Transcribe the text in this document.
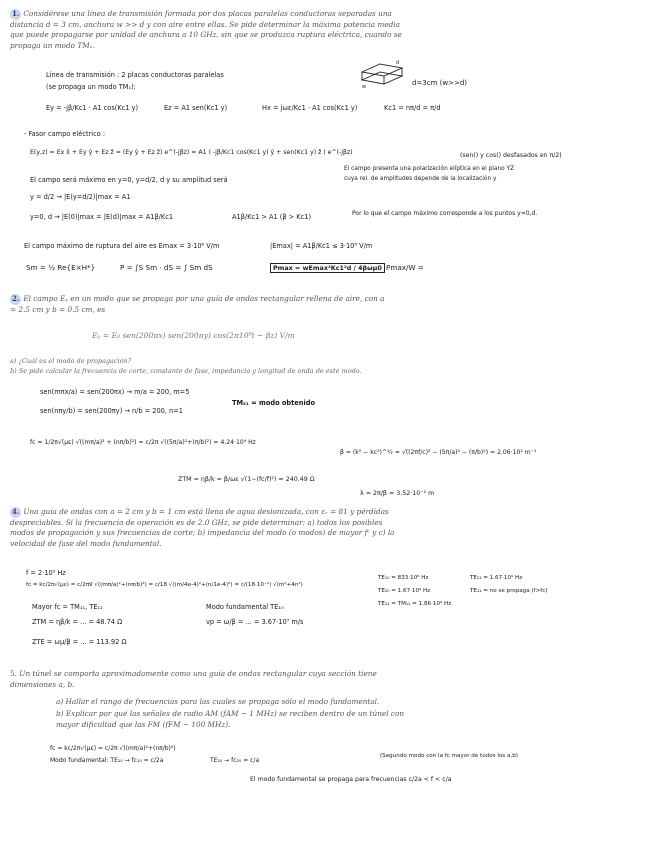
1. Considérese una línea de transmisión formada por dos placas paralelas conductoras separadas una distancia d = 3 cm, anchura w >> d y con aire entre ellas. Se pide determinar la máxima potencia media que puede propagarse por unidad de anchura a 10 GHz, sin que se produzca ruptura eléctrica, cuando se propaga un modo TM₁.
d
w	d=3cm (w>>d)
Línea de transmisión : 2 placas conductoras paralelas
(se propaga un modo TM₁):
Ey = -jβ/Kc1 · A1 cos(Kc1 y)	Ez = A1 sen(Kc1 y)	Hx = jωε/Kc1 · A1 cos(Kc1 y)	Kc1 = nπ/d = π/d
- Fasor campo eléctrico :
E(y,z) = Ex x̂ + Ey ŷ + Ez ẑ = (Ey ŷ + Ez ẑ) e^(-jβz) = A1 ( -jβ/Kc1 cos(Kc1 y) ŷ + sen(Kc1 y) ẑ ) e^(-jβz)	(sen() y cos() desfasados en π/2)
El campo presenta una polarización elíptica en el plano YZ
cuya rel. de amplitudes depende de la localización y
El campo será máximo en y=0, y=d/2, d y su amplitud será
y = d/2 → |E(y=d/2)|max = A1
y=0, d → |E(0)|max = |E(d)|max = A1β/Kc1	A1β/Kc1 > A1 (β > Kc1)	Por lo que el campo máximo corresponde a los puntos y=0,d.
El campo máximo de ruptura del aire es Emax = 3·10⁶ V/m	|Emax| = A1β/Kc1 ≤ 3·10⁶ V/m
Sm = ½ Re{E×H*}	P = ∫S Sm · dS = ∫ Sm dS	Pmax = wEmax²Kc1²d / 4βωμ0 Pmax/W =
2. El campo Eᵧ en un modo que se propaga por una guía de ondas rectangular rellena de aire, con a = 2.5 cm y b = 0.5 cm, es
Eᵧ = E₀ sen(200πx) sen(200πy) cos(2π10⁹t − βz) V/m
a) ¿Cuál es el modo de propagación?
b) Se pide calcular la frecuencia de corte, constante de fase, impedancia y longitud de onda de este modo.
sen(mπx/a) = sen(200πx) → m/a = 200, m=5
sen(nπy/b) = sen(200πy) → n/b = 200, n=1
TM₅₁ = modo obtenido
fc = 1/2π√(με) √((mπ/a)² + (nπ/b)²) = c/2π √((5π/a)²+(π/b)²) = 4.24·10⁹ Hz
β = (k² − kc²)^½ = √((2πf/c)² − (5π/a)² − (π/b)²) = 2.06·10² m⁻¹
ZTM = ηβ/k = β/ωε √(1−(fc/f)²) = 240.49 Ω
λ = 2π/β = 3.52·10⁻² m
4. Una guía de ondas con a = 2 cm y b = 1 cm está llena de agua desionizada, con εᵣ = 81 y pérdidas despreciables. Si la frecuencia de operación es de 2.0 GHz, se pide determinar: a) todos los posibles modos de propagación y sus frecuencias de corte; b) impedancia del modo (o modos) de mayor fᶜ y c) la velocidad de fase del modo fundamental.
f = 2·10⁹ Hz
fc = kc/2π√(με) = c/2π9 √((mπ/a)²+(nπ/b)²) = c/18 √((m/4e-4)²+(n/1e-4)²) = c/(18·10⁻²) √(m²+4n²)
TE₁₀ = 833·10⁶ Hz	TE₀₁ = 1.67·10⁹ Hz
TE₂₀ = 1.67·10⁹ Hz	TE₁₁ = no se propaga (f>fc)
TE₁₁ = TM₁₁ = 1.86·10⁹ Hz
Mayor fc = TM₁₁, TE₁₁
ZTM = ηβ/k = ... = 48.74 Ω
ZTE = ωμ/β = ... = 113.92 Ω
Modo fundamental TE₁₀
vp = ω/β = ... = 3.67·10⁷ m/s
5. Un túnel se comporta aproximadamente como una guía de ondas rectangular cuya sección tiene dimensiones a, b.
a) Hallar el rango de frecuencias para las cuales se propaga sólo el modo fundamental.
b) Explicar por qué las señales de radio AM (fAM ~ 1 MHz) se reciben dentro de un túnel con mayor dificultad que las FM (fFM ~ 100 MHz).
fc = kc/2π√(με) = c/2π √((mπ/a)²+(nπ/b)²)
Modo fundamental: TE₁₀ → fc₁₀ = c/2a	TE₂₀ → fc₂₀ = c/a
(Segundo modo con la fc mayor de todos los a,b)
El modo fundamental se propaga para frecuencias c/2a < f < c/a
